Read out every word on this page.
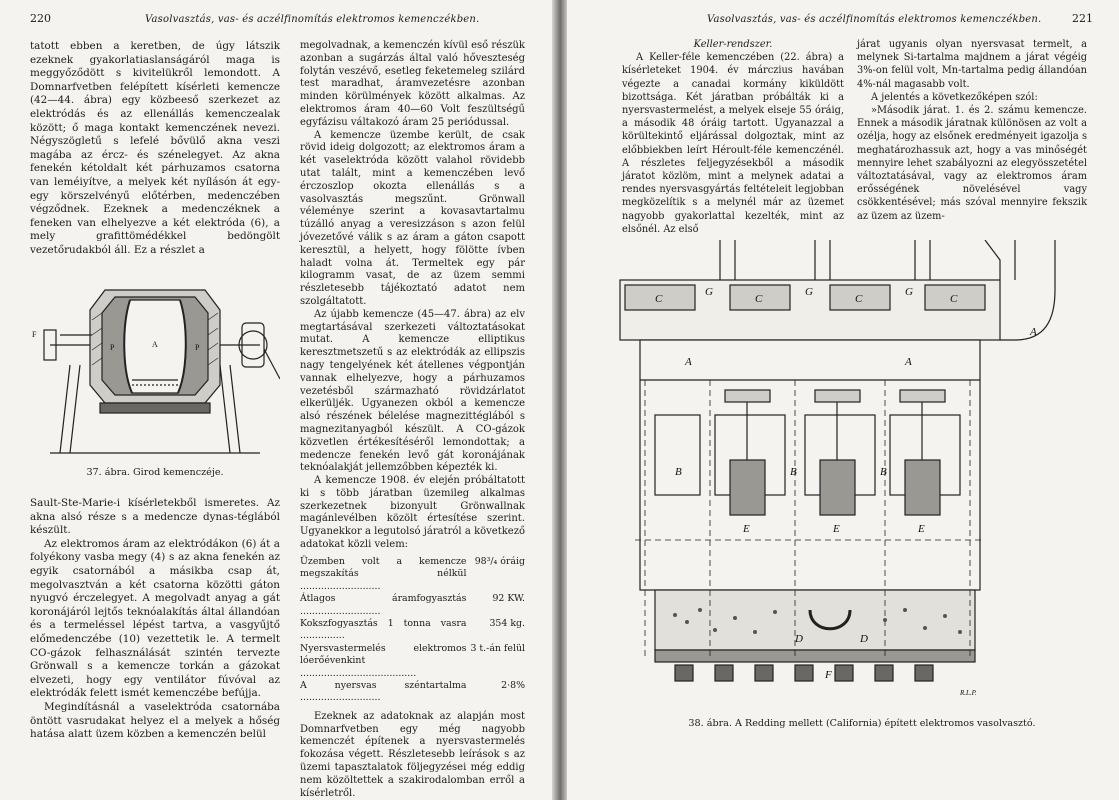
220	Vasolvasztás, vas- és aczélfinomítás elektromos kemenczékben.

tatott ebben a keretben, de úgy látszik ezeknek gyakorlatiaslanságáról maga is meggyőződött s kivitelükről lemondott. A Domnarfvetben felépített kísérleti kemencze (42—44. ábra) egy közbeeső szerkezet az elektródás és az ellenállás kemenczealak között; ő maga kontakt kemenczének nevezi. Négyszögletű s lefelé bővülő akna veszi magába az ércz- és szénelegyet. Az akna fenekén kétoldalt két párhuzamos csatorna van leméiyítve, a melyek két nyílásón át egy-egy körszelvényű előtérben, medenczében végződnek. Ezeknek a medenczéknek a feneken van elhelyezve a két elektróda (6), a mely grafittömédékkel bedöngölt vezetőrudakból áll. Ez a részlet a

F
P	A	P
37. ábra. Girod kemenczéje.

Sault-Ste-Marie-i kísérletekből ismeretes. Az akna alsó része s a medencze dynas-téglából készült.

Az elektromos áram az elektródákon (6) át a folyékony vasba megy (4) s az akna fenekén az egyik csatornából a másikba csap át, megolvasztván a két csatorna közötti gáton nyugvó érczelegyet. A megolvadt anyag a gát koronájáról lejtős teknóalakítás által állandóan és a termeléssel lépést tartva, a vasgyűjtő előmedenczébe (10) vezettetik le. A termelt CO-gázok felhasználását szintén tervezte Grönwall s a kemencze torkán a gázokat elvezeti, hogy egy ventilátor fúvóval az elektródák felett ismét kemenczébe befújja.

Megindításnál a vaselektróda csatornába öntött vasrudakat helyez el a melyek a hőség hatása alatt üzem közben a kemenczén belül

megolvadnak, a kemenczén kívül eső részük azonban a sugárzás által való hőveszteség folytán veszévő, esetleg feketemeleg szilárd test maradhat, áramvezetésre azonban minden körülmények között alkalmas. Az elektromos áram 40—60 Volt feszültségű egyfázisu váltakozó áram 25 periódussal.

A kemencze üzembe került, de csak rövid ideig dolgozott; az elektromos áram a két vaselektróda között valahol rövidebb utat talált, mint a kemenczében levő érczoszlop okozta ellenállás s a vasolvasztás megszűnt. Grönwall véleménye szerint a kovasavtartalmu túzálló anyag a veresizzáson s azon felül jóvezetővé válik s az áram a gáton csapott keresztül, a helyett, hogy fölötte ívben haladt volna át. Termeltek egy pár kilogramm vasat, de az üzem semmi részletesebb tájékoztató adatot nem szolgáltatott.

Az újabb kemencze (45—47. ábra) az elv megtartásával szerkezeti változtatásokat mutat. A kemencze elliptikus keresztmetszetű s az elektródák az ellipszis nagy tengelyének két átellenes végpontján vannak elhelyezve, hogy a párhuzamos vezetésből származható rövidzárlatot elkerüljék. Ugyanezen okból a kemencze alsó részének bélelése magnezittéglából s magnezitanyagból készült. A CO-gázok közvetlen értékesítéséről lemondottak; a medencze fenekén levő gát koronájának teknóalakját jellemzőbben képezték ki.

A kemencze 1908. év elején próbáltatott ki s több járatban üzemileg alkalmas szerkezetnek bizonyult Grönwallnak magánlevélben közölt értesítése szerint. Ugyanekkor a legutolsó járatról a következő adatokat közli velem:

Üzemben volt a kemencze megszakítás nélkül ...........................	98³/₄ óráig
Átlagos áramfogyasztás ...........................	92 KW.
Kokszfogyasztás 1 tonna vasra ...............	354 kg.
Nyersvastermelés elektromos lóerőévenkint .......................................	3 t.-án felül
A nyersvas széntartalma ...........................	2·8%

Ezeknek az adatoknak az alapján most Domnarfvetben egy még nagyobb kemenczét építenek a nyersvastermelés fokozása végett. Részletesebb leírások s az üzemi tapasztalatok följegyzései még eddig nem közöltettek a szakirodalomban erről a kísérletről.

Vasolvasztás, vas- és aczélfinomítás elektromos kemenczékben.	221

Keller-rendszer.

A Keller-féle kemenczében (22. ábra) a kísérleteket 1904. év márczius havában végezte a canadai kormány kiküldött bizottsága. Két járatban próbálták ki a nyersvastermelést, a melyek elseje 55 óráig, a második 48 óráig tartott. Ugyanazzal a körültekintő eljárással dolgoztak, mint az előbbiekben leírt Héroult-féle kemenczénél. A részletes feljegyzésekből a második járatot közlöm, mint a melynek adatai a rendes nyersvasgyártás feltételeit legjobban megközelítik s a melynél már az üzemet nagyobb gyakorlattal kezelték, mint az elsőnél. Az első

járat ugyanis olyan nyersvasat termelt, a melynek Si-tartalma majdnem a járat végéig 3%-on felül volt, Mn-tartalma pedig állandóan 4%-nál magasabb volt.

A jelentés a következőképen szól:

»Második járat. 1. és 2. számu kemencze. Ennek a második járatnak különösen az volt a ozélja, hogy az elsőnek eredményeit igazolja s meghatározhassuk azt, hogy a vas minőségét mennyire lehet szabályozni az elegyösszetétel változtatásával, vagy az elektromos áram erősségének növelésével vagy csökkentésével; más szóval mennyire fekszik az üzem az üzem-

C
G
C
G
C
G
C
A
A	A
B	B	B
E	E	E
D	D
F
R.L.P.
38. ábra. A Redding mellett (California) épített elektromos vasolvasztó.
